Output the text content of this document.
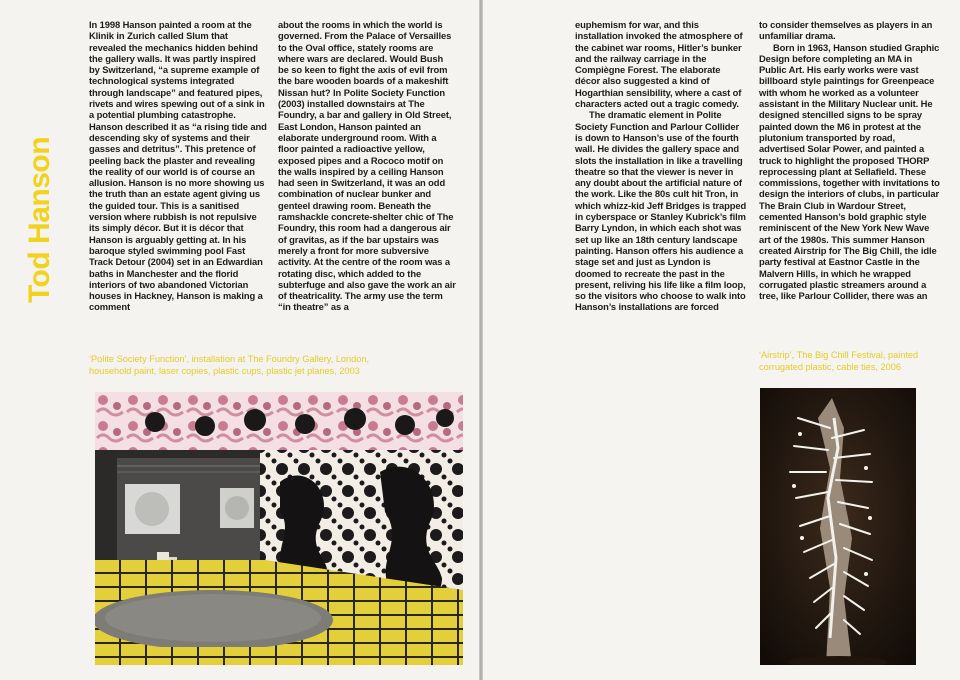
Tod Hanson

In 1998 Hanson painted a room at the Klinik in Zurich called Slum that revealed the mechanics hidden behind the gallery walls. It was partly inspired by Switzerland, “a supreme example of technological systems integrated through landscape” and featured pipes, rivets and wires spewing out of a sink in a potential plumbing catastrophe. Hanson described it as “a rising tide and descending sky of systems and their gasses and detritus”. This pretence of peeling back the plaster and revealing the reality of our world is of course an allusion. Hanson is no more showing us the truth than an estate agent giving us the guided tour. This is a sanitised version where rubbish is not repulsive its simply décor. But it is décor that Hanson is arguably getting at. In his baroque styled swimming pool Fast Track Detour (2004) set in an Edwardian baths in Manchester and the florid interiors of two abandoned Victorian houses in Hackney, Hanson is making a comment

about the rooms in which the world is governed. From the Palace of Versailles to the Oval office, stately rooms are where wars are declared. Would Bush be so keen to fight the axis of evil from the bare wooden boards of a makeshift Nissan hut? In Polite Society Function (2003) installed downstairs at The Foundry, a bar and gallery in Old Street, East London, Hanson painted an elaborate underground room. With a floor painted a radioactive yellow, exposed pipes and a Rococo motif on the walls inspired by a ceiling Hanson had seen in Switzerland, it was an odd combination of nuclear bunker and genteel drawing room. Beneath the ramshackle concrete-shelter chic of The Foundry, this room had a dangerous air of gravitas, as if the bar upstairs was merely a front for more subversive activity. At the centre of the room was a rotating disc, which added to the subterfuge and also gave the work an air of theatricality. The army use the term “in theatre” as a

‘Polite Society Function’, installation at The Foundry Gallery, London, household paint, laser copies, plastic cups, plastic jet planes, 2003

euphemism for war, and this installation invoked the atmosphere of the cabinet war rooms, Hitler’s bunker and the railway carriage in the Compiègne Forest. The elaborate décor also suggested a kind of Hogarthian sensibility, where a cast of characters acted out a tragic comedy.

The dramatic element in Polite Society Function and Parlour Collider is down to Hanson’s use of the fourth wall. He divides the gallery space and slots the installation in like a travelling theatre so that the viewer is never in any doubt about the artificial nature of the work. Like the 80s cult hit Tron, in which whizz-kid Jeff Bridges is trapped in cyberspace or Stanley Kubrick’s film Barry Lyndon, in which each shot was set up like an 18th century landscape painting. Hanson offers his audience a stage set and just as Lyndon is doomed to recreate the past in the present, reliving his life like a film loop, so the visitors who choose to walk into Hanson’s installations are forced

to consider themselves as players in an unfamiliar drama.

Born in 1963, Hanson studied Graphic Design before completing an MA in Public Art. His early works were vast billboard style paintings for Greenpeace with whom he worked as a volunteer assistant in the Military Nuclear unit. He designed stencilled signs to be spray painted down the M6 in protest at the plutonium transported by road, advertised Solar Power, and painted a truck to highlight the proposed THORP reprocessing plant at Sellafield. These commissions, together with invitations to design the interiors of clubs, in particular The Brain Club in Wardour Street, cemented Hanson’s bold graphic style reminiscent of the New York New Wave art of the 1980s. This summer Hanson created Airstrip for The Big Chill, the idle party festival at Eastnor Castle in the Malvern Hills, in which he wrapped corrugated plastic streamers around a tree, like Parlour Collider, there was an

‘Airstrip’, The Big Chill Festival, painted corrugated plastic, cable ties, 2006
